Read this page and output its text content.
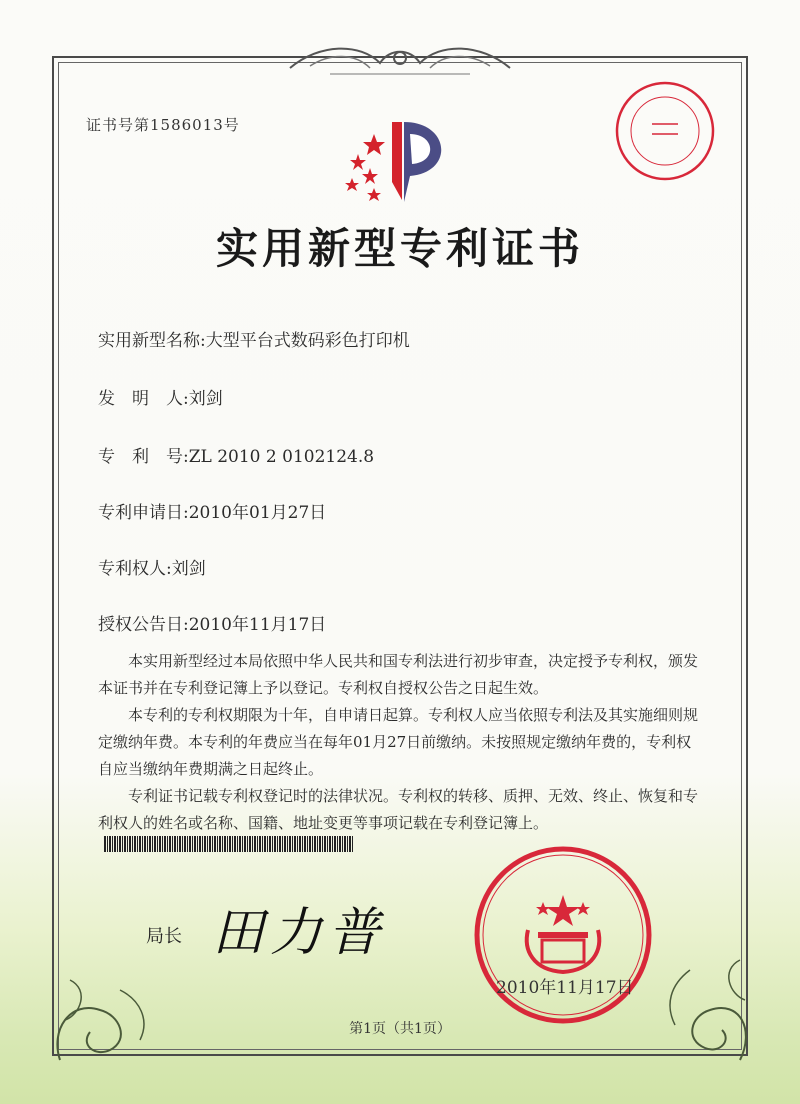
证书号第1586013号
实用新型专利证书
实用新型名称:大型平台式数码彩色打印机
发　明　人:刘剑
专　利　号:ZL 2010 2 0102124.8
专利申请日:2010年01月27日
专利权人:刘剑
授权公告日:2010年11月17日

本实用新型经过本局依照中华人民共和国专利法进行初步审查，决定授予专利权，颁发本证书并在专利登记簿上予以登记。专利权自授权公告之日起生效。

本专利的专利权期限为十年，自申请日起算。专利权人应当依照专利法及其实施细则规定缴纳年费。本专利的年费应当在每年01月27日前缴纳。未按照规定缴纳年费的，专利权自应当缴纳年费期满之日起终止。

专利证书记载专利权登记时的法律状况。专利权的转移、质押、无效、终止、恢复和专利权人的姓名或名称、国籍、地址变更等事项记载在专利登记簿上。

局长 田力普
2010年11月17日
第1页（共1页）
